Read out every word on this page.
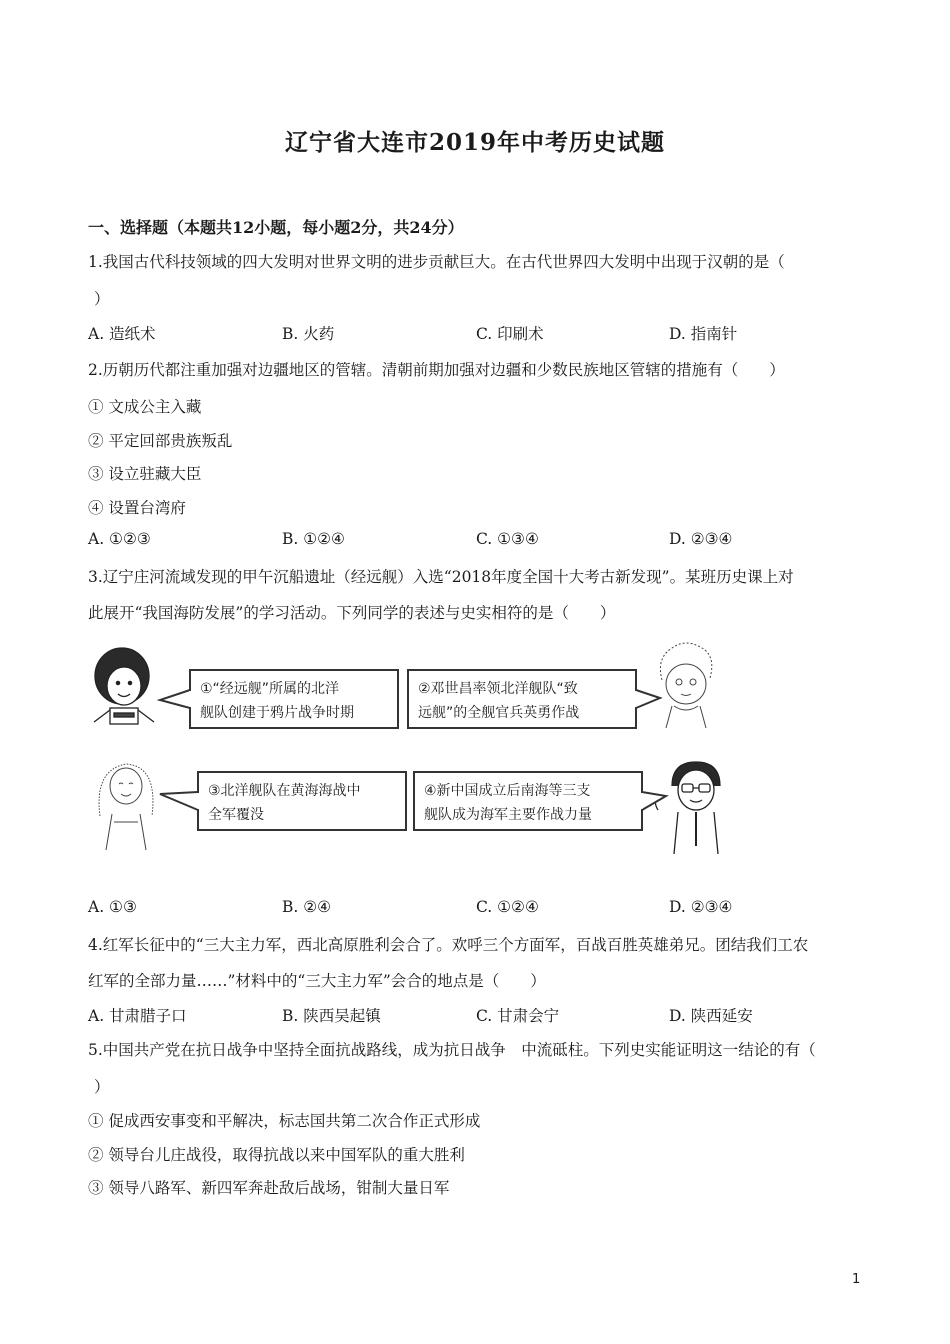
辽宁省大连市2019年中考历史试题
一、选择题（本题共12小题，每小题2分，共24分）
1.我国古代科技领域的四大发明对世界文明的进步贡献巨大。在古代世界四大发明中出现于汉朝的是（
）
A. 造纸术	B. 火药	C. 印刷术	D. 指南针
2.历朝历代都注重加强对边疆地区的管辖。清朝前期加强对边疆和少数民族地区管辖的措施有（　　）
① 文成公主入藏
② 平定回部贵族叛乱
③ 设立驻藏大臣
④ 设置台湾府
A. ①②③	B. ①②④	C. ①③④	D. ②③④
3.辽宁庄河流域发现的甲午沉船遗址（经远舰）入选“2018年度全国十大考古新发现”。某班历史课上对
此展开“我国海防发展”的学习活动。下列同学的表述与史实相符的是（　　）
①“经远舰”所属的北洋
舰队创建于鸦片战争时期
②邓世昌率领北洋舰队“致
远舰”的全舰官兵英勇作战
③北洋舰队在黄海海战中
全军覆没
④新中国成立后南海等三支
舰队成为海军主要作战力量
A. ①③	B. ②④	C. ①②④	D. ②③④
4.红军长征中的“三大主力军，西北高原胜利会合了。欢呼三个方面军，百战百胜英雄弟兄。团结我们工农
红军的全部力量……”材料中的“三大主力军”会合的地点是（　　）
A. 甘肃腊子口	B. 陕西吴起镇	C. 甘肃会宁	D. 陕西延安
5.中国共产党在抗日战争中坚持全面抗战路线，成为抗日战争　中流砥柱。下列史实能证明这一结论的有（
）
① 促成西安事变和平解决，标志国共第二次合作正式形成
② 领导台儿庄战役，取得抗战以来中国军队的重大胜利
③ 领导八路军、新四军奔赴敌后战场，钳制大量日军
1
